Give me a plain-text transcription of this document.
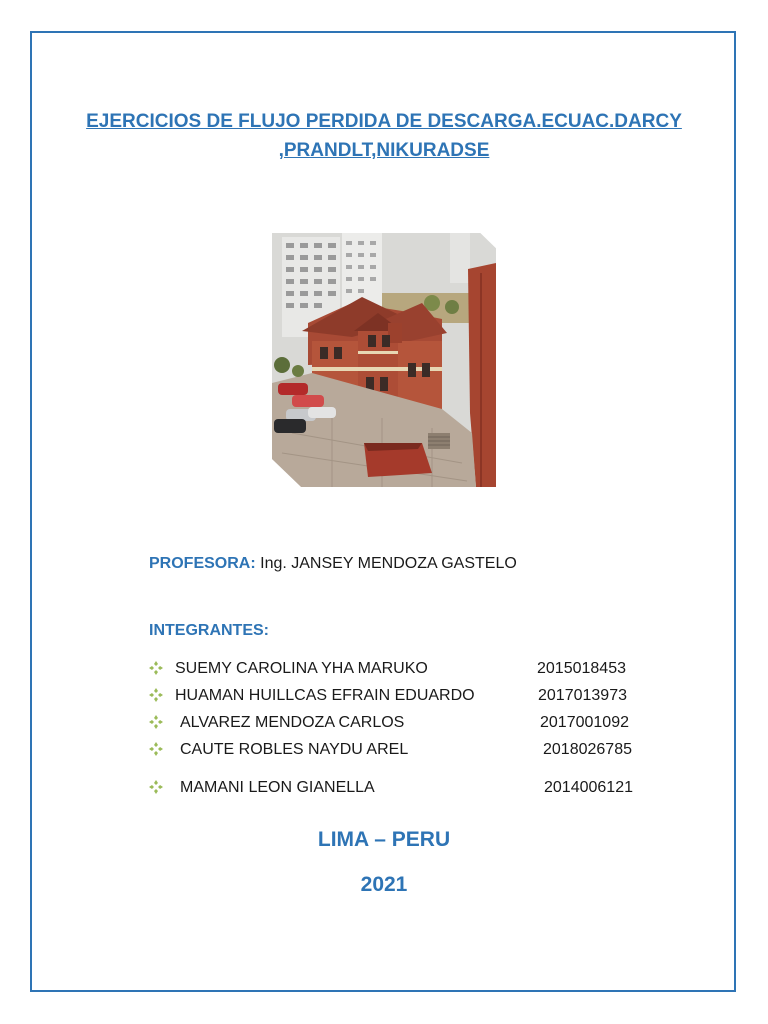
EJERCICIOS DE FLUJO PERDIDA DE DESCARGA.ECUAC.DARCY
,PRANDLT,NIKURADSE
PROFESORA: Ing. JANSEY MENDOZA GASTELO
INTEGRANTES:
SUEMY CAROLINA YHA MARUKO	2015018453
HUAMAN HUILLCAS EFRAIN EDUARDO	2017013973
ALVAREZ MENDOZA CARLOS	2017001092
CAUTE ROBLES NAYDU AREL	2018026785
MAMANI LEON GIANELLA	2014006121
LIMA – PERU
2021
